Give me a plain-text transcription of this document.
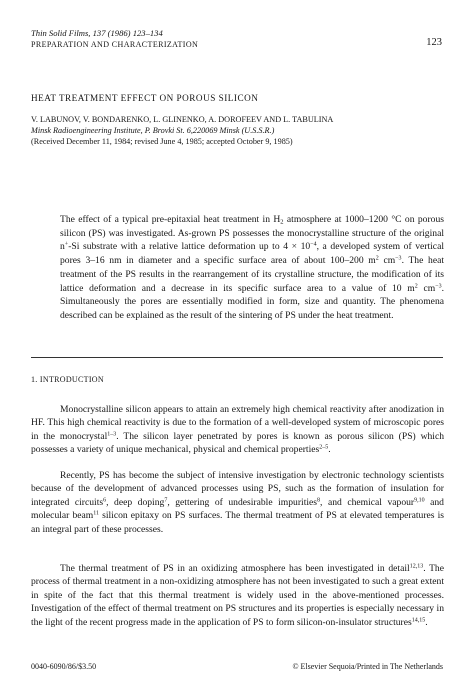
Thin Solid Films, 137 (1986) 123–134
PREPARATION AND CHARACTERIZATION	123
HEAT TREATMENT EFFECT ON POROUS SILICON
V. LABUNOV, V. BONDARENKO, L. GLINENKO, A. DOROFEEV AND L. TABULINA
Minsk Radioengineering Institute, P. Brovki St. 6,220069 Minsk (U.S.S.R.)
(Received December 11, 1984; revised June 4, 1985; accepted October 9, 1985)

The effect of a typical pre-epitaxial heat treatment in $H_2$ atmosphere at 1000–1200 °C on porous silicon (PS) was investigated. As-grown PS possesses the monocrystalline structure of the original n+-Si substrate with a relative lattice deformation up to $4 \times 10^{-4}$, a developed system of vertical pores 3–16 nm in diameter and a specific surface area of about 100–200 $m^2$ $cm^{-3}$. The heat treatment of the PS results in the rearrangement of its crystalline structure, the modification of its lattice deformation and a decrease in its specific surface area to a value of 10 $m^2$ $cm^{-3}$. Simultaneously the pores are essentially modified in form, size and quantity. The phenomena described can be explained as the result of the sintering of PS under the heat treatment.

1. INTRODUCTION

Monocrystalline silicon appears to attain an extremely high chemical reactivity after anodization in HF. This high chemical reactivity is due to the formation of a well-developed system of microscopic pores in the monocrystal$^{1-3}$. The silicon layer penetrated by pores is known as porous silicon (PS) which possesses a variety of unique mechanical, physical and chemical properties$^{2-5}$.

Recently, PS has become the subject of intensive investigation by electronic technology scientists because of the development of advanced processes using PS, such as the formation of insulation for integrated circuits$^6$, deep doping$^7$, gettering of undesirable impurities$^8$, and chemical vapour$^{9,10}$ and molecular beam$^{11}$ silicon epitaxy on PS surfaces. The thermal treatment of PS at elevated temperatures is an integral part of these processes.

The thermal treatment of PS in an oxidizing atmosphere has been investigated in detail$^{12,13}$. The process of thermal treatment in a non-oxidizing atmosphere has not been investigated to such a great extent in spite of the fact that this thermal treatment is widely used in the above-mentioned processes. Investigation of the effect of thermal treatment on PS structures and its properties is especially necessary in the light of the recent progress made in the application of PS to form silicon-on-insulator structures$^{14,15}$.

0040-6090/86/$3.50	© Elsevier Sequoia/Printed in The Netherlands
